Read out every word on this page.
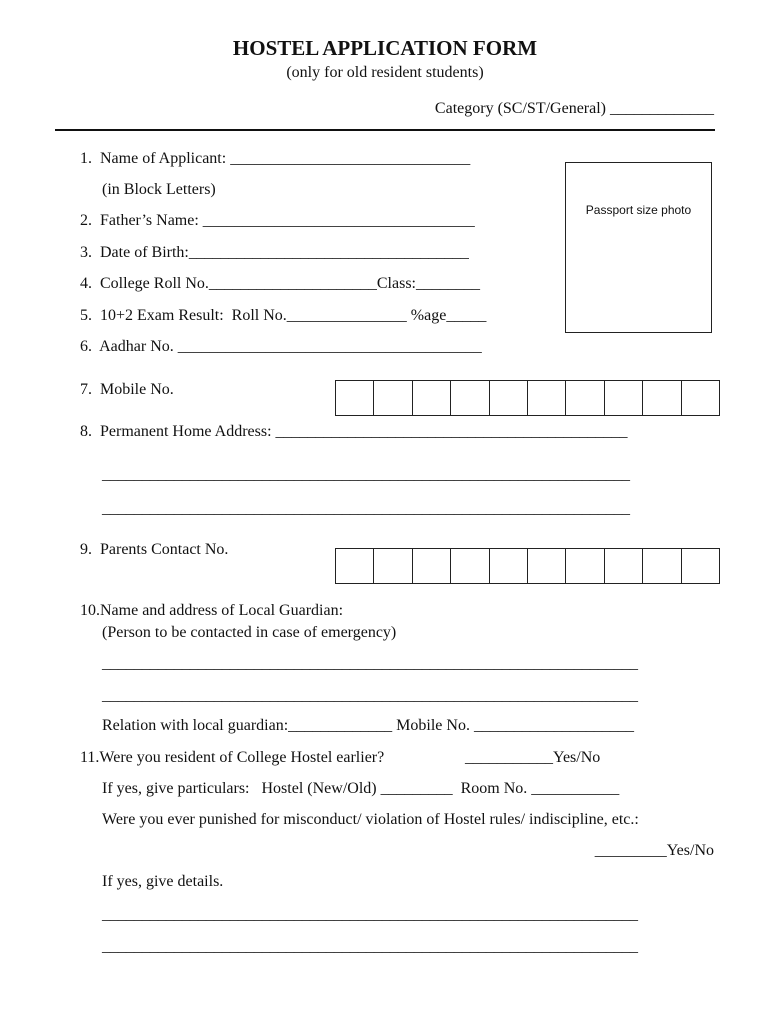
HOSTEL APPLICATION FORM
(only for old resident students)
Category (SC/ST/General) _____________
Passport size photo
1.  Name of Applicant: ______________________________
(in Block Letters)
2.  Father’s Name: __________________________________
3.  Date of Birth:___________________________________
4.  College Roll No._____________________Class:________
5.  10+2 Exam Result:  Roll No._______________ %age_____
6.  Aadhar No. ______________________________________
7.  Mobile No.
8.  Permanent Home Address: ____________________________________________
__________________________________________________________________
__________________________________________________________________
9.  Parents Contact No.
10.Name and address of Local Guardian:
(Person to be contacted in case of emergency)
___________________________________________________________________
___________________________________________________________________
Relation with local guardian:_____________ Mobile No. ____________________
11.Were you resident of College Hostel earlier?	___________Yes/No
If yes, give particulars:   Hostel (New/Old) _________  Room No. ___________
Were you ever punished for misconduct/ violation of Hostel rules/ indiscipline, etc.:
_________Yes/No
If yes, give details.
___________________________________________________________________
___________________________________________________________________
